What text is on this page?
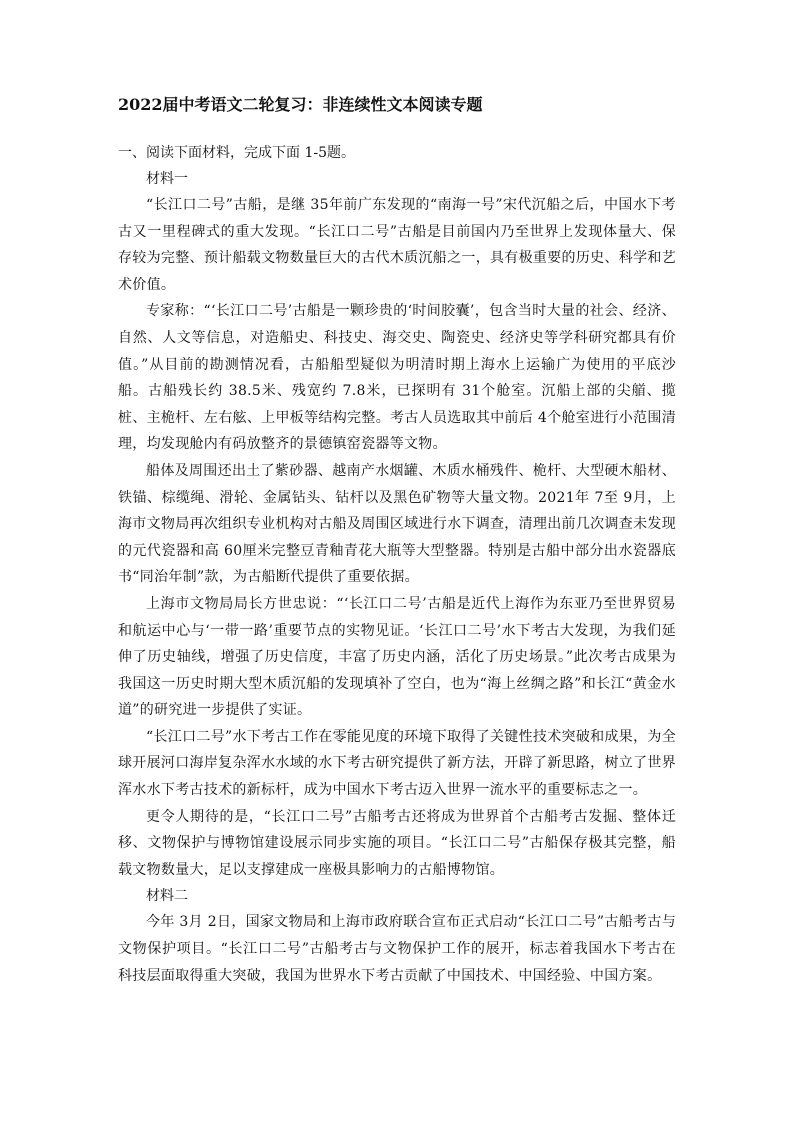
2022届中考语文二轮复习：非连续性文本阅读专题

一、阅读下面材料，完成下面 1-5题。

材料一

“长江口二号”古船，是继 35年前广东发现的“南海一号”宋代沉船之后，中国水下考古又一里程碑式的重大发现。“长江口二号”古船是目前国内乃至世界上发现体量大、保存较为完整、预计船载文物数量巨大的古代木质沉船之一，具有极重要的历史、科学和艺术价值。

专家称：“‘长江口二号’古船是一颗珍贵的‘时间胶囊’，包含当时大量的社会、经济、自然、人文等信息，对造船史、科技史、海交史、陶瓷史、经济史等学科研究都具有价值。”从目前的勘测情况看，古船船型疑似为明清时期上海水上运输广为使用的平底沙船。古船残长约 38.5米、残宽约 7.8米，已探明有 31个舱室。沉船上部的尖艏、揽桩、主桅杆、左右舷、上甲板等结构完整。考古人员选取其中前后 4个舱室进行小范围清理，均发现舱内有码放整齐的景德镇窑瓷器等文物。

船体及周围还出土了紫砂器、越南产水烟罐、木质水桶残件、桅杆、大型硬木船材、铁锚、棕缆绳、滑轮、金属钻头、钻杆以及黑色矿物等大量文物。2021年 7至 9月，上海市文物局再次组织专业机构对古船及周围区域进行水下调查，清理出前几次调查未发现的元代瓷器和高 60厘米完整豆青釉青花大瓶等大型整器。特别是古船中部分出水瓷器底书“同治年制”款，为古船断代提供了重要依据。

上海市文物局局长方世忠说：“‘长江口二号’古船是近代上海作为东亚乃至世界贸易和航运中心与‘一带一路’重要节点的实物见证。‘长江口二号’水下考古大发现，为我们延伸了历史轴线，增强了历史信度，丰富了历史内涵，活化了历史场景。”此次考古成果为我国这一历史时期大型木质沉船的发现填补了空白，也为“海上丝绸之路”和长江“黄金水道”的研究进一步提供了实证。

“长江口二号”水下考古工作在零能见度的环境下取得了关键性技术突破和成果，为全球开展河口海岸复杂浑水水域的水下考古研究提供了新方法，开辟了新思路，树立了世界浑水水下考古技术的新标杆，成为中国水下考古迈入世界一流水平的重要标志之一。

更令人期待的是，“长江口二号”古船考古还将成为世界首个古船考古发掘、整体迁移、文物保护与博物馆建设展示同步实施的项目。“长江口二号”古船保存极其完整，船载文物数量大，足以支撑建成一座极具影响力的古船博物馆。

材料二

今年 3月 2日，国家文物局和上海市政府联合宣布正式启动“长江口二号”古船考古与文物保护项目。“长江口二号”古船考古与文物保护工作的展开，标志着我国水下考古在科技层面取得重大突破，我国为世界水下考古贡献了中国技术、中国经验、中国方案。
